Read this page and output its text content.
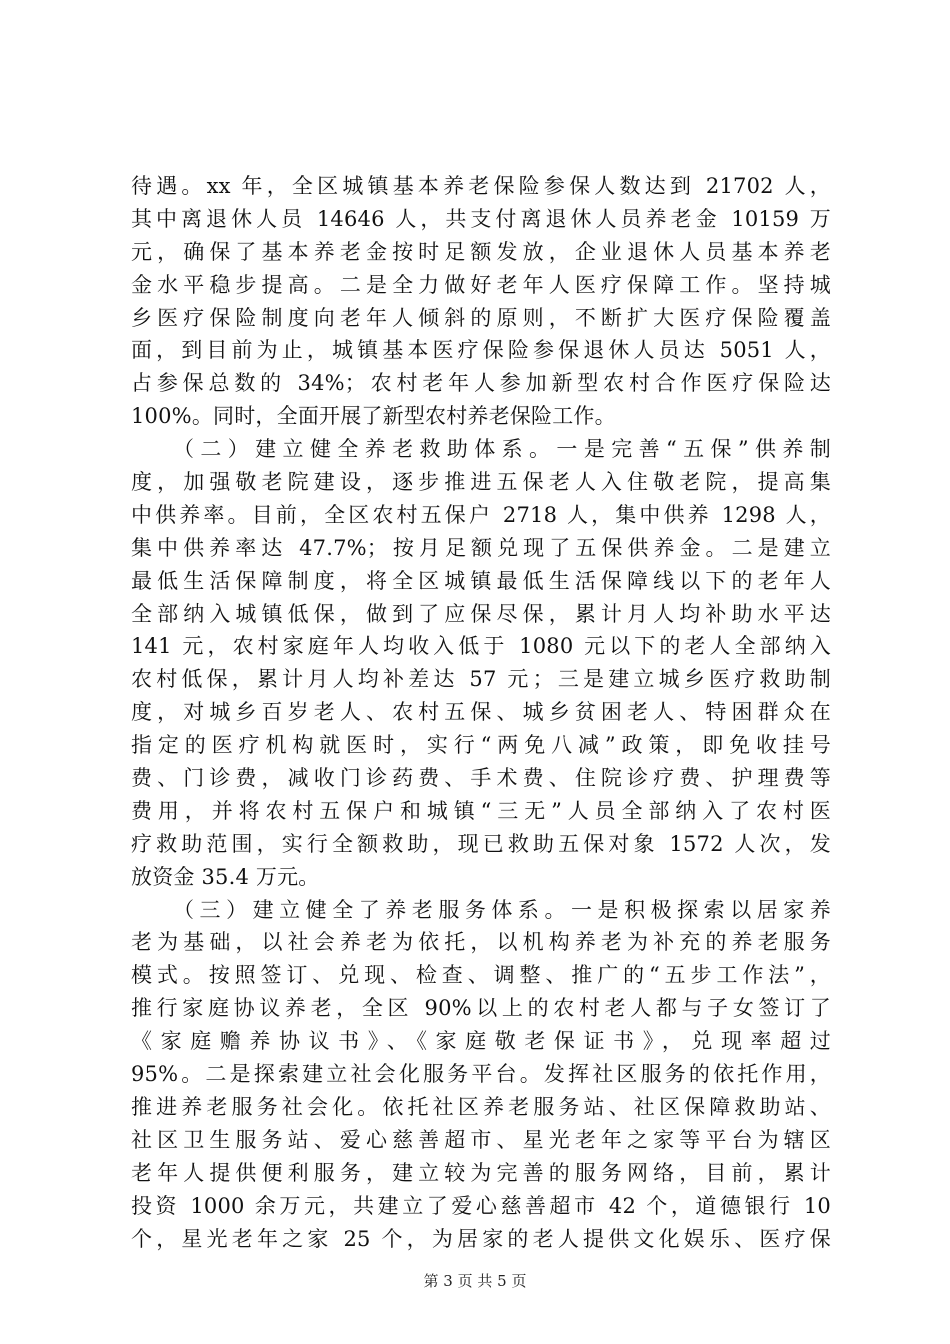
待遇。xx 年，全区城镇基本养老保险参保人数达到 21702 人，
其中离退休人员 14646 人，共支付离退休人员养老金 10159 万
元，确保了基本养老金按时足额发放，企业退休人员基本养老
金水平稳步提高。二是全力做好老年人医疗保障工作。坚持城
乡医疗保险制度向老年人倾斜的原则，不断扩大医疗保险覆盖
面，到目前为止，城镇基本医疗保险参保退休人员达 5051 人，
占参保总数的 34%；农村老年人参加新型农村合作医疗保险达
100%。同时，全面开展了新型农村养老保险工作。
（二）建立健全养老救助体系。一是完善“五保”供养制
度，加强敬老院建设，逐步推进五保老人入住敬老院，提高集
中供养率。目前，全区农村五保户 2718 人，集中供养 1298 人，
集中供养率达 47.7%；按月足额兑现了五保供养金。二是建立
最低生活保障制度，将全区城镇最低生活保障线以下的老年人
全部纳入城镇低保，做到了应保尽保，累计月人均补助水平达
141 元，农村家庭年人均收入低于 1080 元以下的老人全部纳入
农村低保，累计月人均补差达 57 元；三是建立城乡医疗救助制
度，对城乡百岁老人、农村五保、城乡贫困老人、特困群众在
指定的医疗机构就医时，实行“两免八减”政策，即免收挂号
费、门诊费，减收门诊药费、手术费、住院诊疗费、护理费等
费用，并将农村五保户和城镇“三无”人员全部纳入了农村医
疗救助范围，实行全额救助，现已救助五保对象 1572 人次，发
放资金 35.4 万元。
（三）建立健全了养老服务体系。一是积极探索以居家养
老为基础，以社会养老为依托，以机构养老为补充的养老服务
模式。按照签订、兑现、检查、调整、推广的“五步工作法”，
推行家庭协议养老，全区 90%以上的农村老人都与子女签订了
《家庭赡养协议书》、《家庭敬老保证书》，兑现率超过
95%。二是探索建立社会化服务平台。发挥社区服务的依托作用，
推进养老服务社会化。依托社区养老服务站、社区保障救助站、
社区卫生服务站、爱心慈善超市、星光老年之家等平台为辖区
老年人提供便利服务，建立较为完善的服务网络，目前，累计
投资 1000 余万元，共建立了爱心慈善超市 42 个，道德银行 10
个，星光老年之家 25 个，为居家的老人提供文化娱乐、医疗保
第 3 页 共 5 页
